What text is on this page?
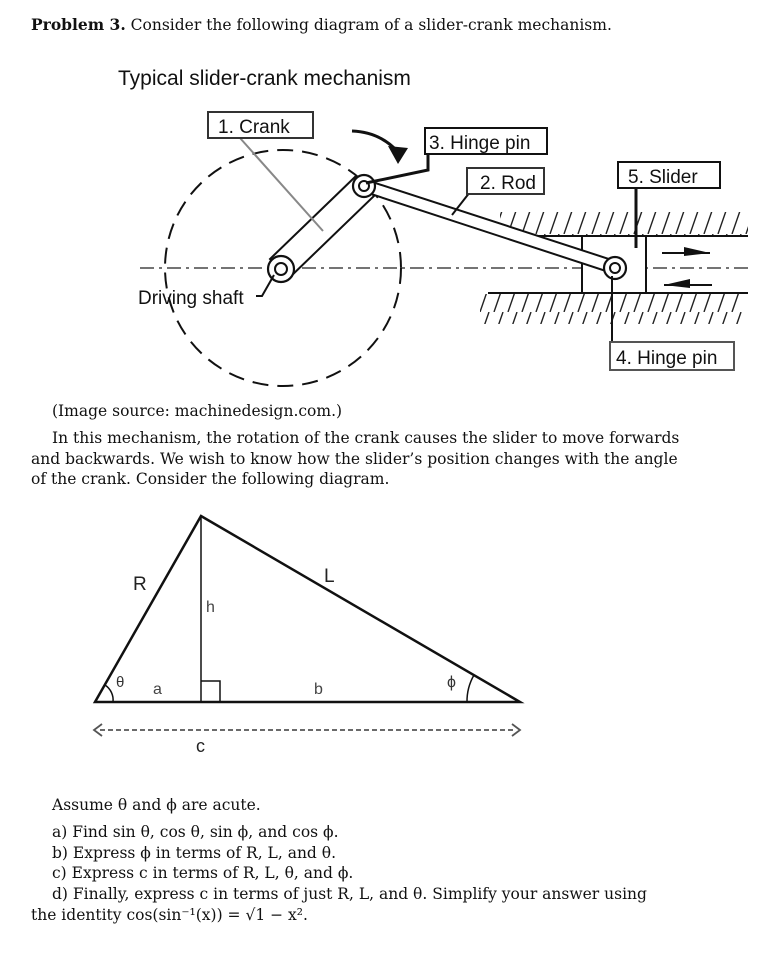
Problem 3. Consider the following diagram of a slider-crank mechanism.
Typical slider-crank mechanism
1. Crank
3. Hinge pin
2. Rod	5. Slider
Driving shaft
4. Hinge pin
(Image source: machinedesign.com.)
In this mechanism, the rotation of the crank causes the slider to move forwards
and backwards. We wish to know how the slider’s position changes with the angle
of the crank. Consider the following diagram.
R	L
h
θ a	b	ϕ
c
Assume θ and ϕ are acute.
a) Find sin θ, cos θ, sin ϕ, and cos ϕ.
b) Express ϕ in terms of R, L, and θ.
c) Express c in terms of R, L, θ, and ϕ.
d) Finally, express c in terms of just R, L, and θ. Simplify your answer using
the identity cos(sin⁻¹(x)) = √1 − x².
